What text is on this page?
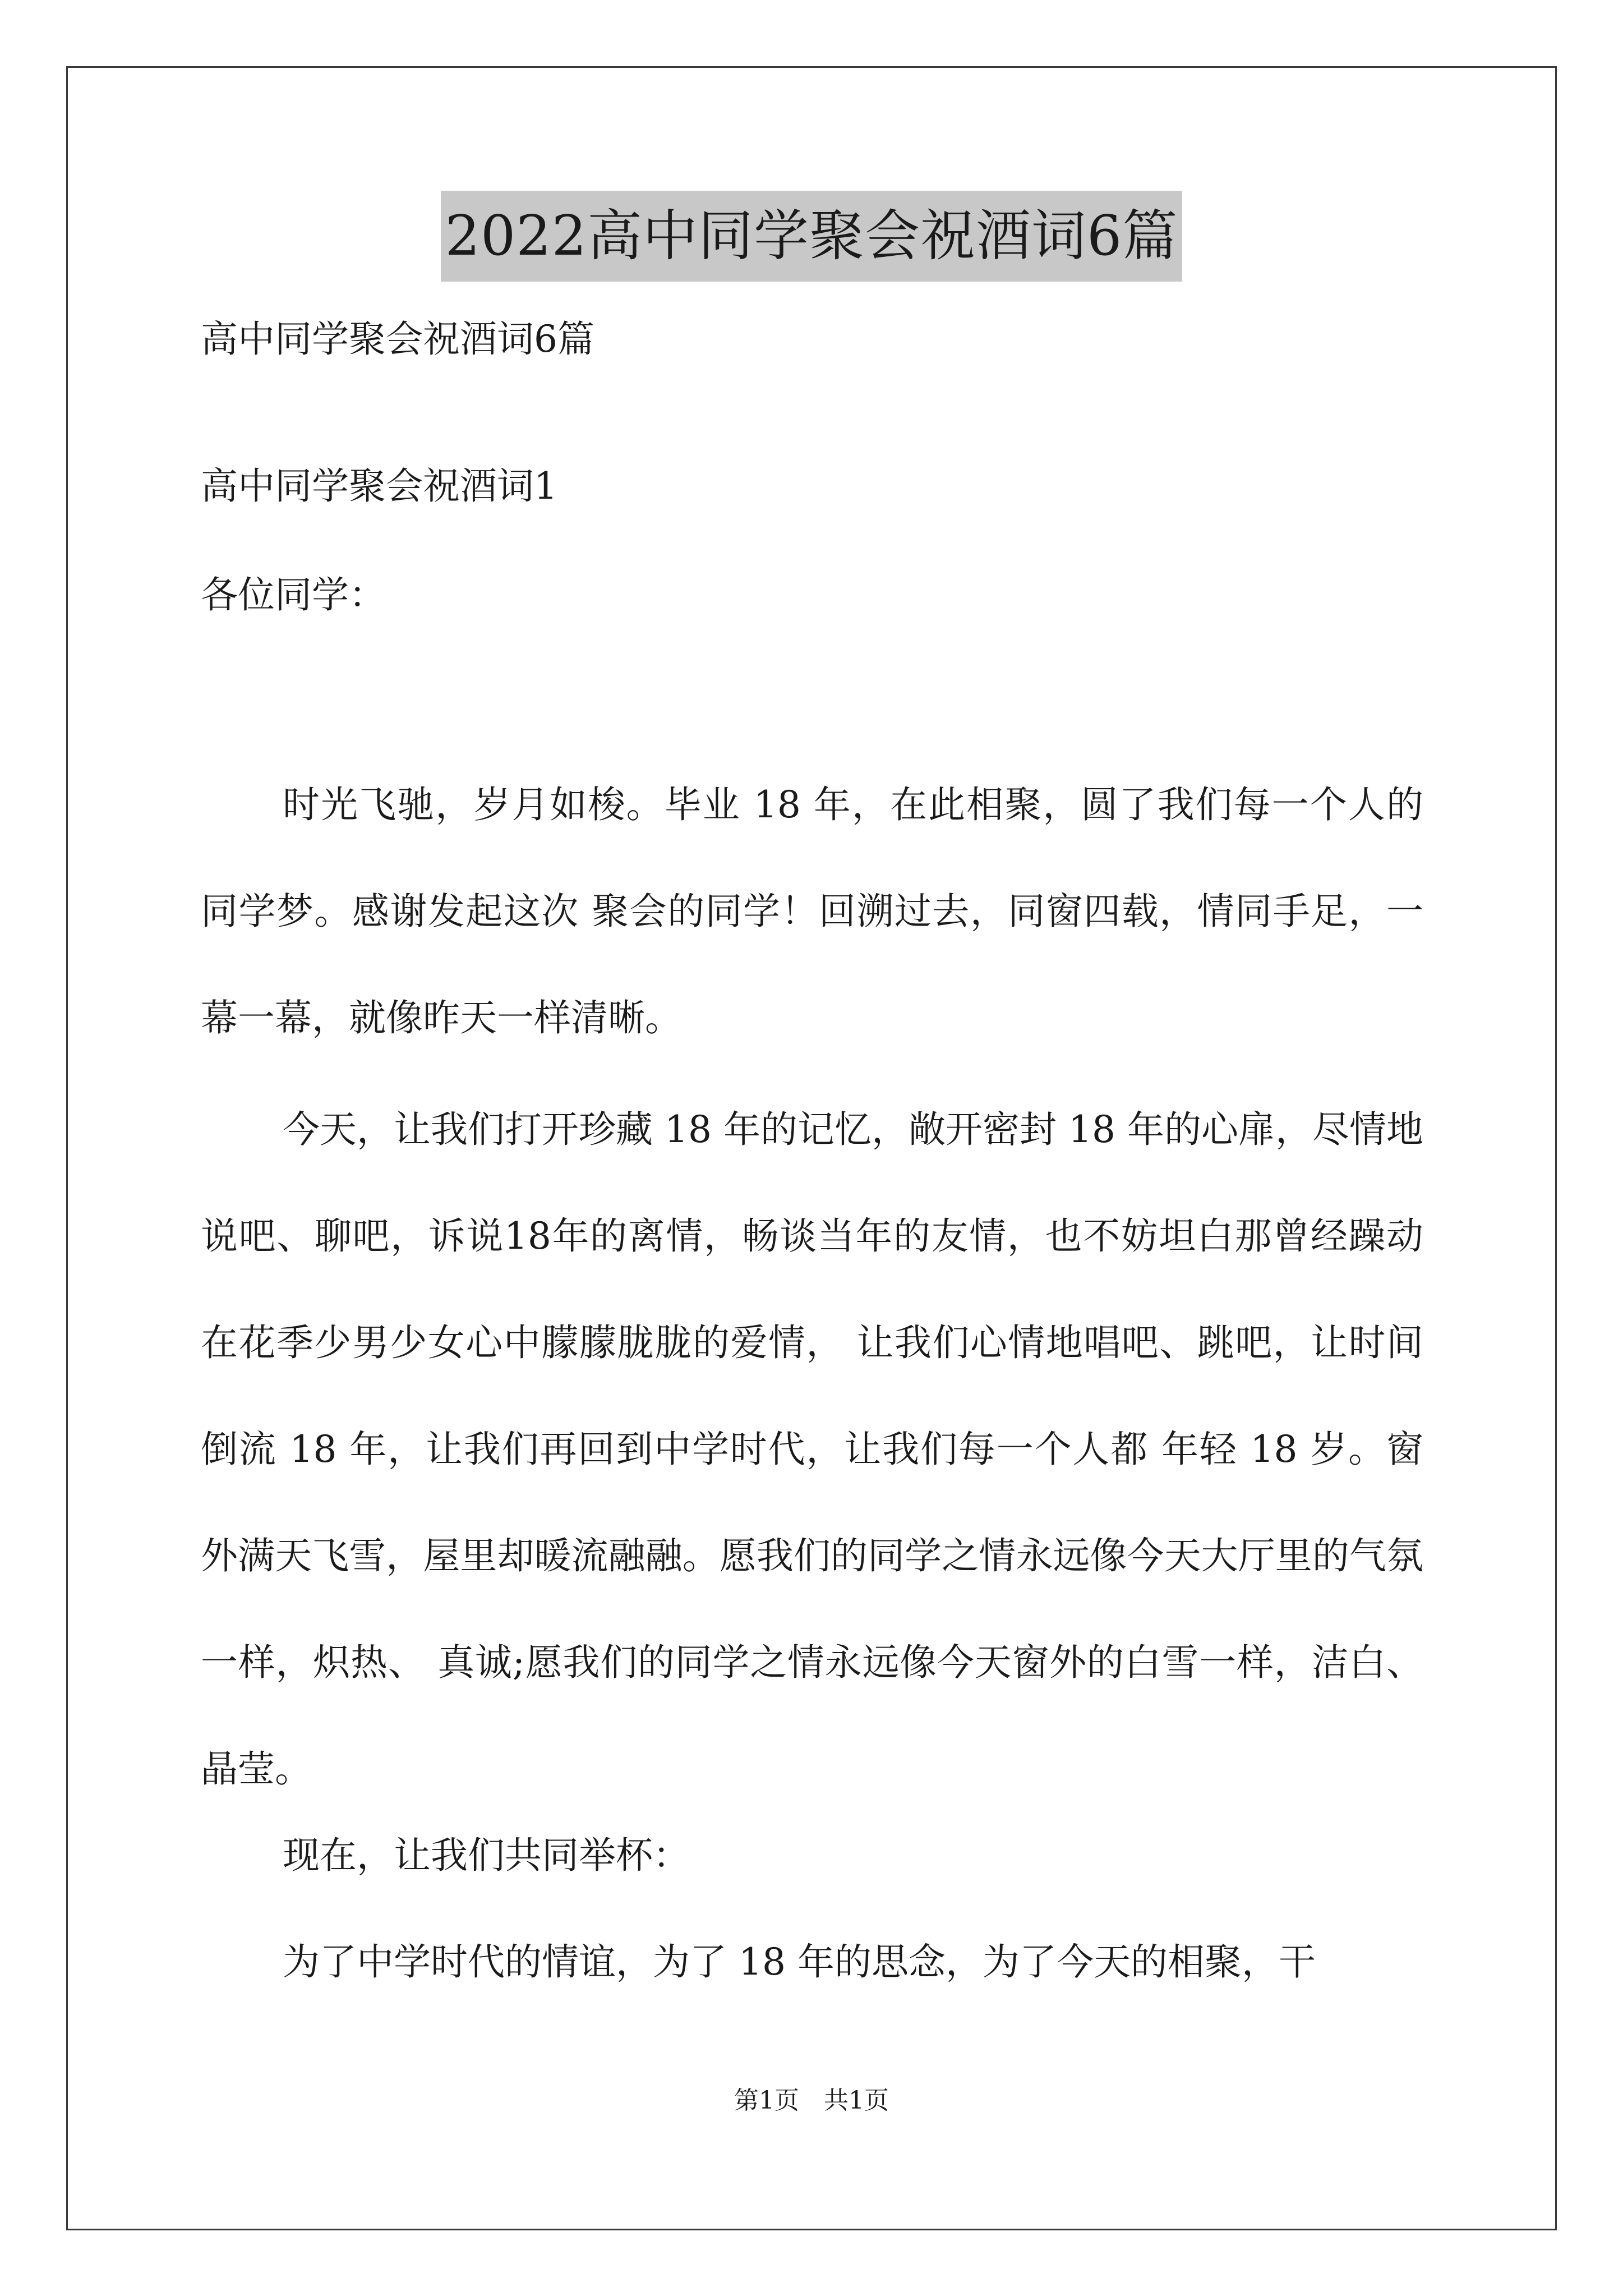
2022高中同学聚会祝酒词6篇
高中同学聚会祝酒词6篇
高中同学聚会祝酒词1
各位同学：

时光飞驰，岁月如梭。毕业 18 年，在此相聚，圆了我们每一个人的同学梦。感谢发起这次 聚会的同学！回溯过去，同窗四载，情同手足，一幕一幕，就像昨天一样清晰。

今天，让我们打开珍藏 18 年的记忆，敞开密封 18 年的心扉，尽情地说吧、聊吧，诉说18年的离情，畅谈当年的友情，也不妨坦白那曾经躁动在花季少男少女心中朦朦胧胧的爱情， 让我们心情地唱吧、跳吧，让时间倒流 18 年，让我们再回到中学时代，让我们每一个人都 年轻 18 岁。窗外满天飞雪，屋里却暖流融融。愿我们的同学之情永远像今天大厅里的气氛一样，炽热、 真诚;愿我们的同学之情永远像今天窗外的白雪一样，洁白、晶莹。

现在，让我们共同举杯：

为了中学时代的情谊，为了 18 年的思念，为了今天的相聚，干

第1页　共1页
